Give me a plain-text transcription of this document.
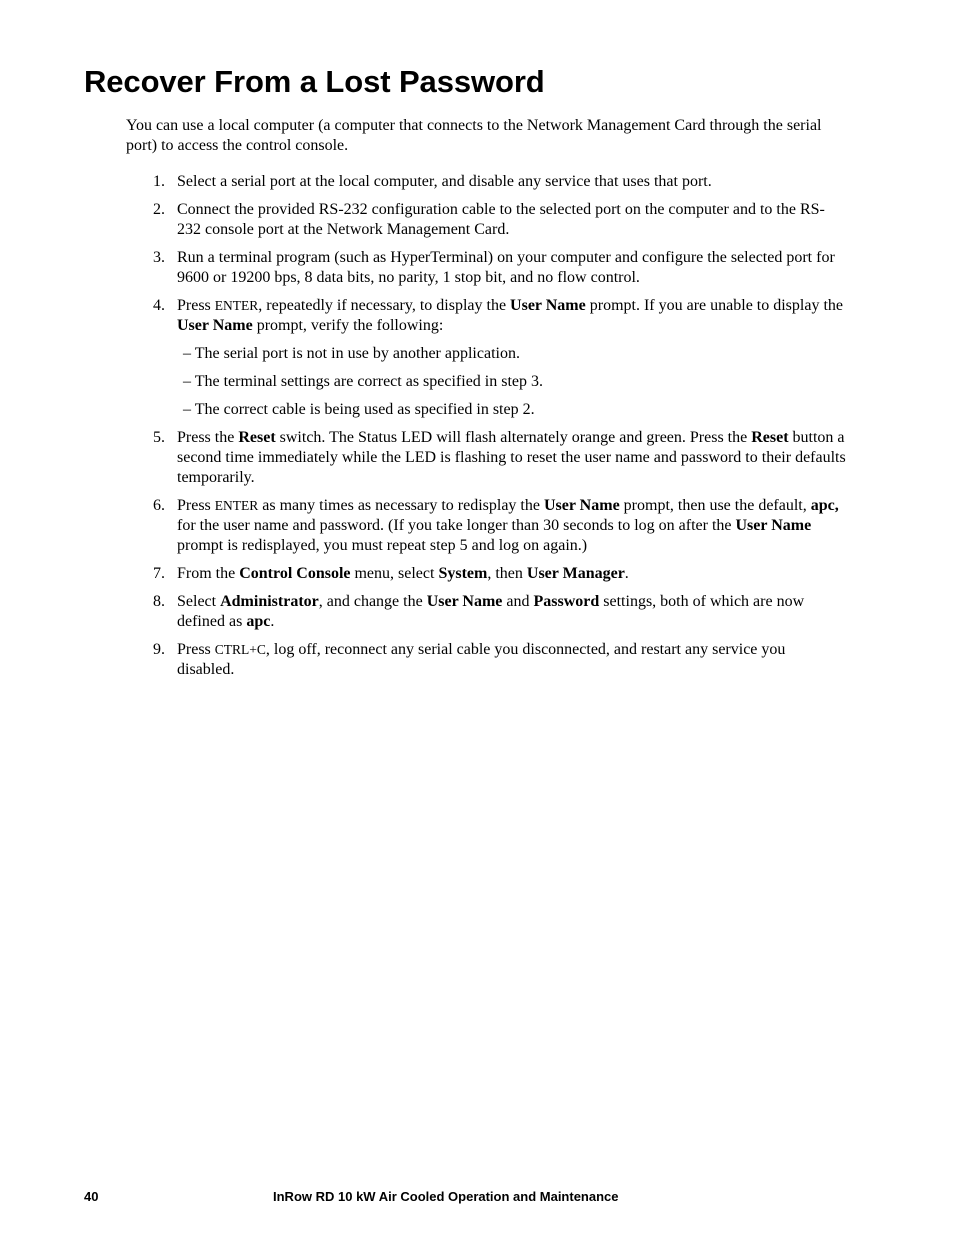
Recover From a Lost Password

You can use a local computer (a computer that connects to the Network Management Card through the serial port) to access the control console.

1. Select a serial port at the local computer, and disable any service that uses that port.
2. Connect the provided RS-232 configuration cable to the selected port on the computer and to the RS-232 console port at the Network Management Card.
3. Run a terminal program (such as HyperTerminal) on your computer and configure the selected port for 9600 or 19200 bps, 8 data bits, no parity, 1 stop bit, and no flow control.
4. Press ENTER, repeatedly if necessary, to display the User Name prompt. If you are unable to display the User Name prompt, verify the following:
– The serial port is not in use by another application.
– The terminal settings are correct as specified in step 3.
– The correct cable is being used as specified in step 2.
5. Press the Reset switch. The Status LED will flash alternately orange and green. Press the Reset button a second time immediately while the LED is flashing to reset the user name and password to their defaults temporarily.
6. Press ENTER as many times as necessary to redisplay the User Name prompt, then use the default, apc, for the user name and password. (If you take longer than 30 seconds to log on after the User Name prompt is redisplayed, you must repeat step 5 and log on again.)
7. From the Control Console menu, select System, then User Manager.
8. Select Administrator, and change the User Name and Password settings, both of which are now defined as apc.
9. Press CTRL+C, log off, reconnect any serial cable you disconnected, and restart any service you disabled.
40	InRow RD 10 kW Air Cooled Operation and Maintenance
